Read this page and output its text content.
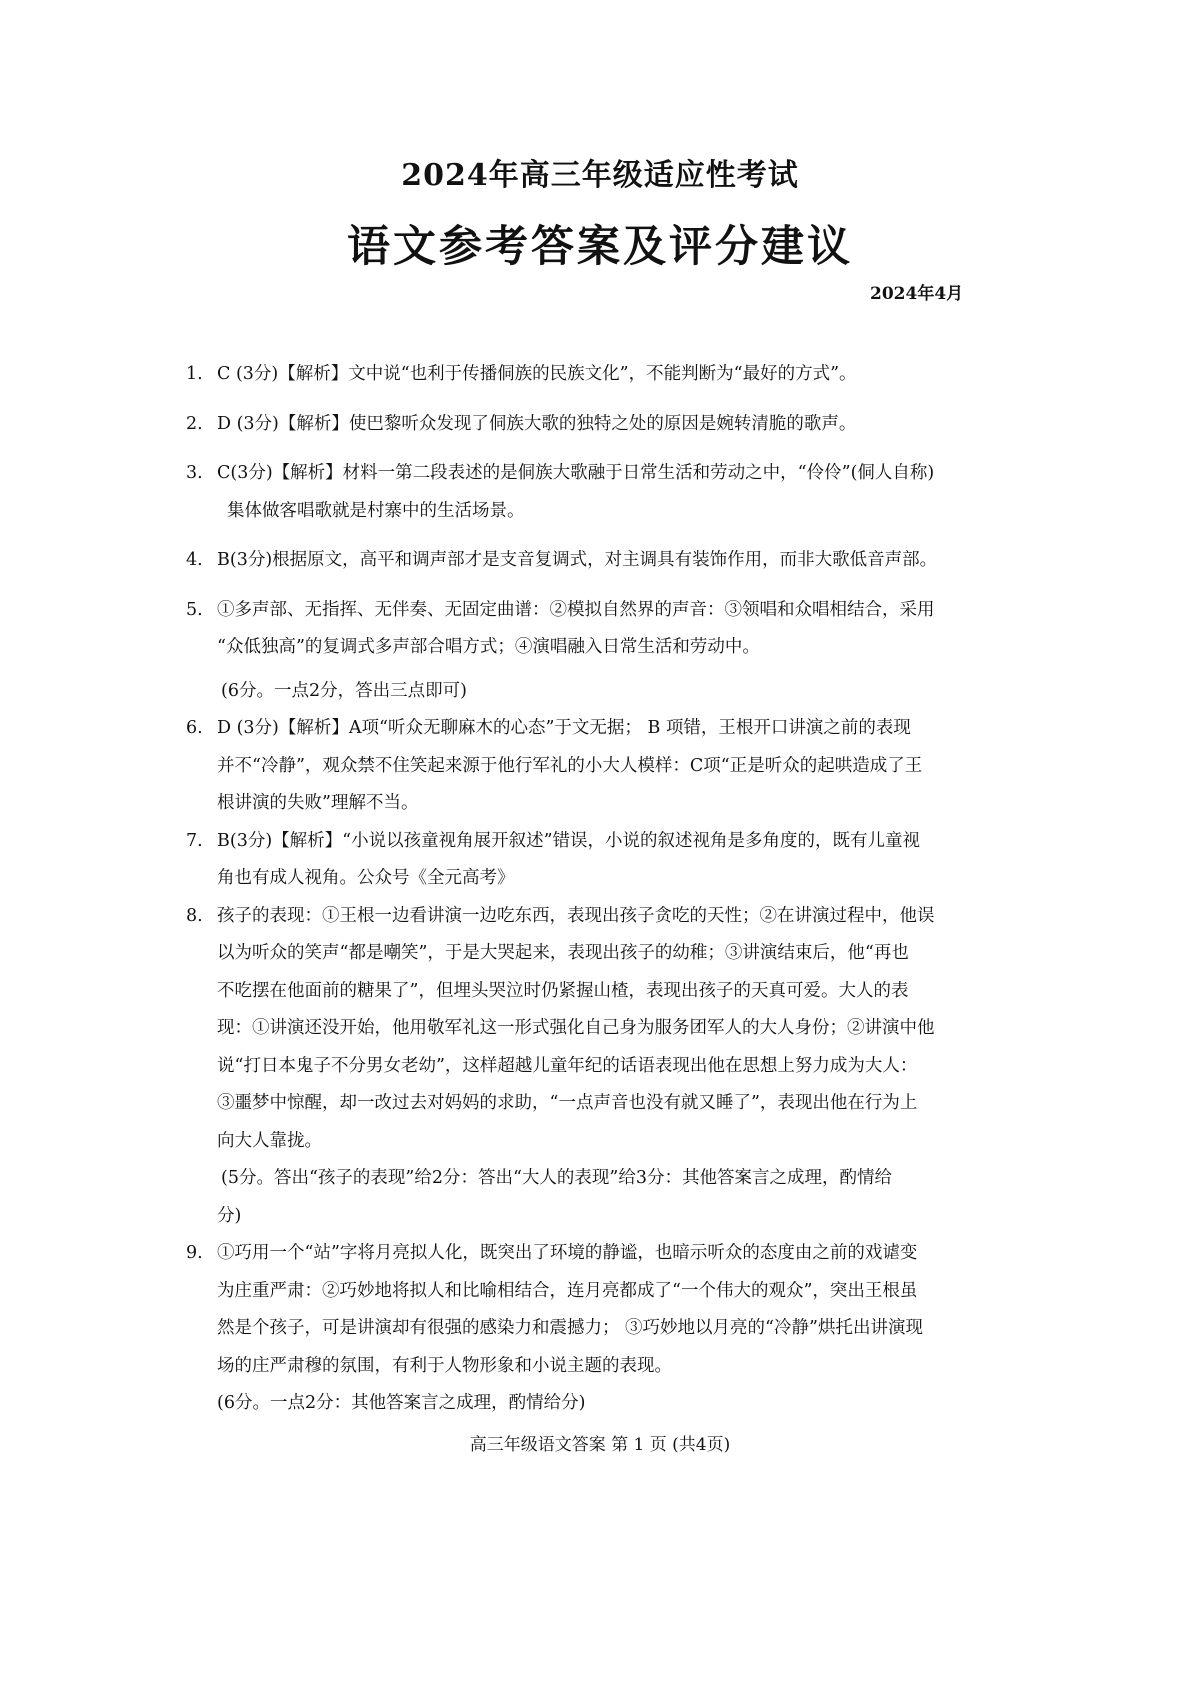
2024年高三年级适应性考试
语文参考答案及评分建议
2024年4月
1. C (3分)【解析】文中说“也利于传播侗族的民族文化”，不能判断为“最好的方式”。
2. D (3分)【解析】使巴黎听众发现了侗族大歌的独特之处的原因是婉转清脆的歌声。
3. C(3分)【解析】材料一第二段表述的是侗族大歌融于日常生活和劳动之中，“伶伶”(侗人自称)
集体做客唱歌就是村寨中的生活场景。
4. B(3分)根据原文，高平和调声部才是支音复调式，对主调具有装饰作用，而非大歌低音声部。
5. ①多声部、无指挥、无伴奏、无固定曲谱：②模拟自然界的声音：③领唱和众唱相结合，采用
“众低独高”的复调式多声部合唱方式；④演唱融入日常生活和劳动中。
(6分。一点2分，答出三点即可)
6. D (3分)【解析】A项“听众无聊麻木的心态”于文无据； B 项错，王根开口讲演之前的表现
并不“冷静”，观众禁不住笑起来源于他行军礼的小大人模样：C项“正是听众的起哄造成了王
根讲演的失败”理解不当。
7. B(3分)【解析】“小说以孩童视角展开叙述”错误，小说的叙述视角是多角度的，既有儿童视
角也有成人视角。公众号《全元高考》
8. 孩子的表现：①王根一边看讲演一边吃东西，表现出孩子贪吃的天性；②在讲演过程中，他误
以为听众的笑声“都是嘲笑”，于是大哭起来，表现出孩子的幼稚；③讲演结束后，他“再也
不吃摆在他面前的糖果了”，但埋头哭泣时仍紧握山楂，表现出孩子的天真可爱。大人的表
现：①讲演还没开始，他用敬军礼这一形式强化自己身为服务团军人的大人身份；②讲演中他
说“打日本鬼子不分男女老幼”，这样超越儿童年纪的话语表现出他在思想上努力成为大人：
③噩梦中惊醒，却一改过去对妈妈的求助，“一点声音也没有就又睡了”，表现出他在行为上
向大人靠拢。
(5分。答出“孩子的表现”给2分：答出“大人的表现”给3分：其他答案言之成理，酌情给
分)
9. ①巧用一个“站”字将月亮拟人化，既突出了环境的静谧，也暗示听众的态度由之前的戏谑变
为庄重严肃：②巧妙地将拟人和比喻相结合，连月亮都成了“一个伟大的观众”，突出王根虽
然是个孩子，可是讲演却有很强的感染力和震撼力； ③巧妙地以月亮的“冷静”烘托出讲演现
场的庄严肃穆的氛围，有利于人物形象和小说主题的表现。
(6分。一点2分：其他答案言之成理，酌情给分)
高三年级语文答案 第 1 页 (共4页)
